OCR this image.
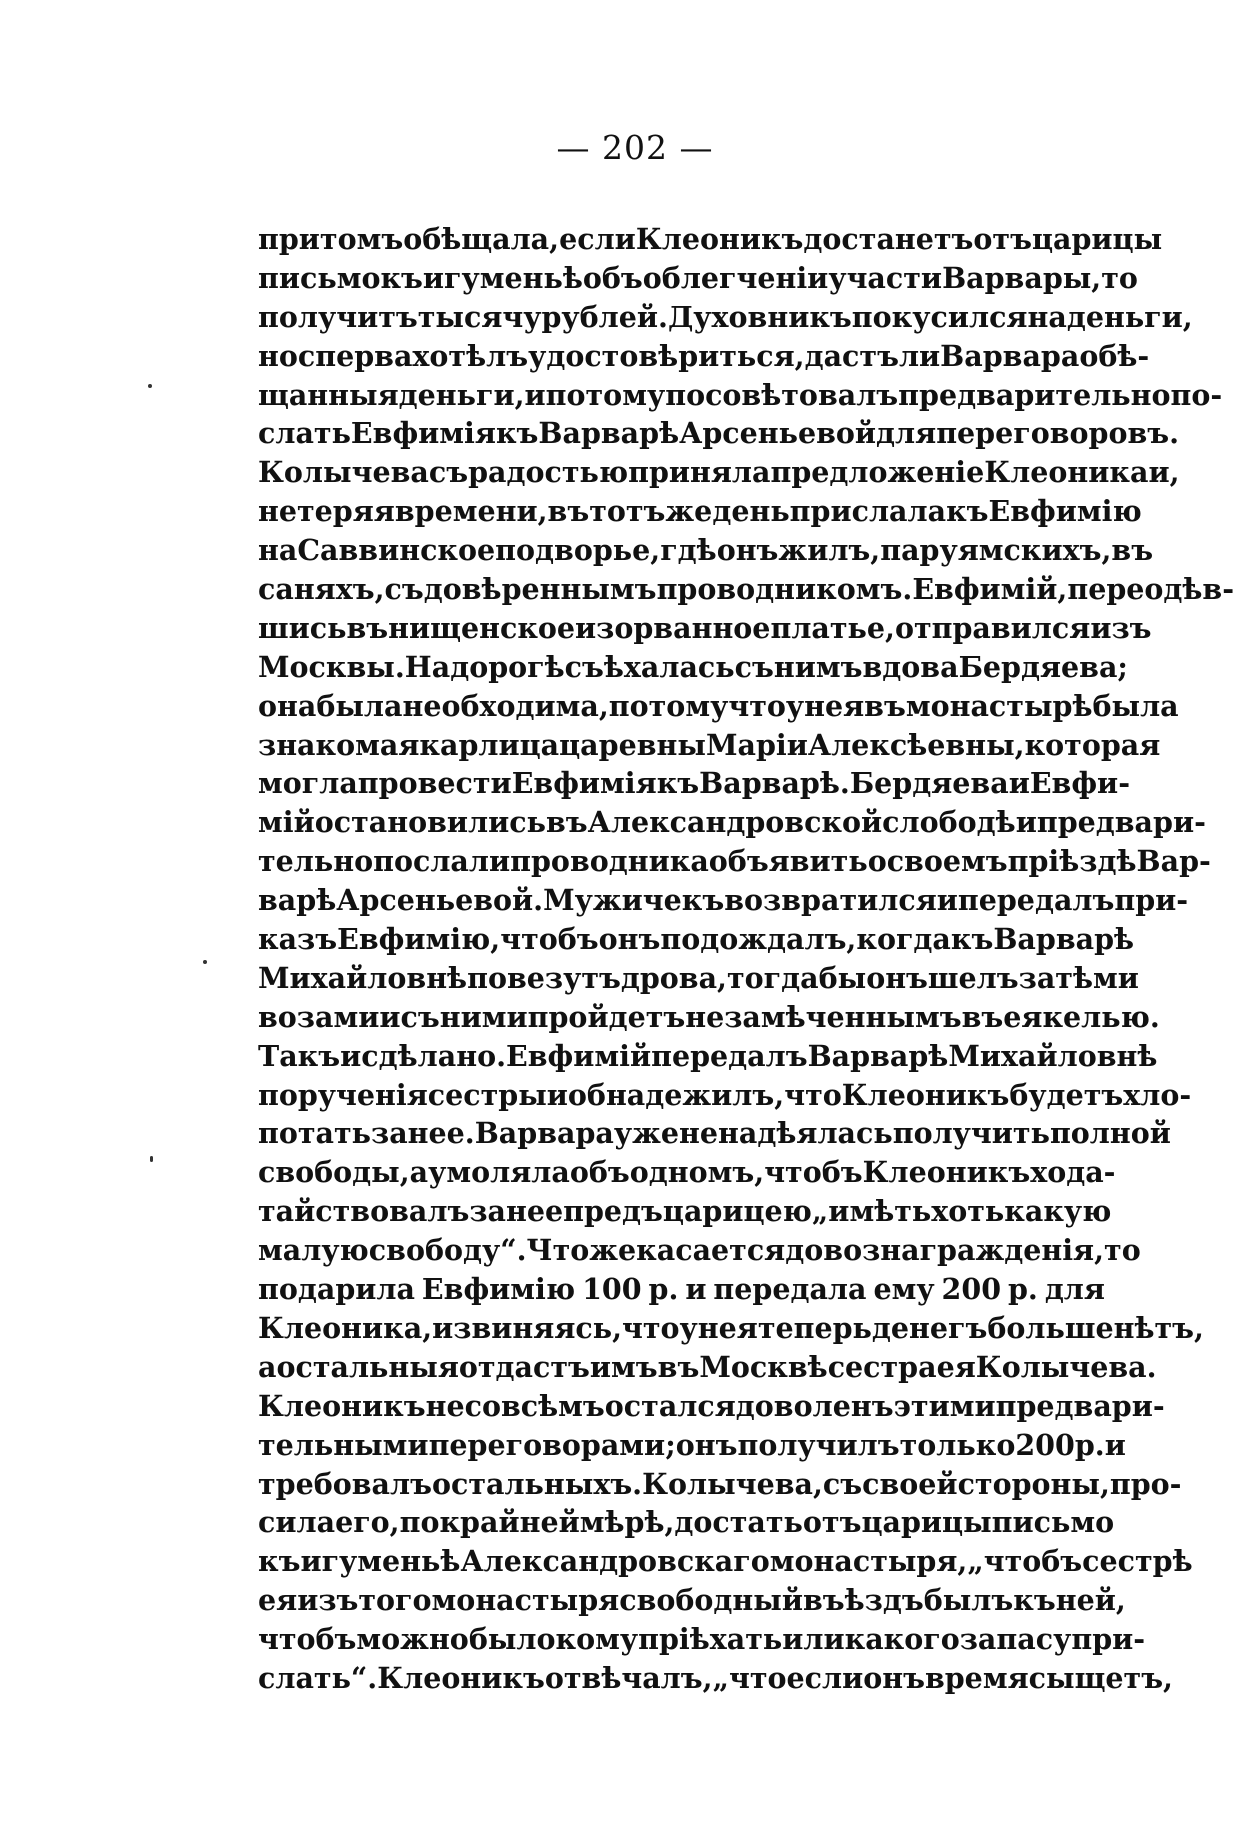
— 202 —
притомъ обѣщала, если Клеоникъ достанетъ отъ царицы
письмо къ игуменьѣ объ облегченіи участи Варвары, то
получитъ тысячу рублей. Духовникъ покусился на деньги,
но сперва хотѣлъ удостовѣриться, дастъ ли Варвара обѣ-
щанныя деньги, и потому посовѣтовалъ предварительно по-
слать Евфимія къ Варварѣ Арсеньевой для переговоровъ.
Колычева съ радостью приняла предложеніе Клеоника и,
не теряя времени, въ тотъ же день прислала къ Евфимію
на Саввинское подворье, гдѣ онъ жилъ, пару ямскихъ, въ
саняхъ, съ довѣреннымъ проводникомъ. Евфимій, переодѣв-
шись въ нищенское изорванное платье, отправился изъ
Москвы. На дорогѣ съѣхалась съ нимъ вдова Бердяева;
она была необходима, потому что у нея въ монастырѣ была
знакомая карлица царевны Маріи Алексѣевны, которая
могла провести Евфимія къ Варварѣ. Бердяева и Евфи-
мій остановились въ Александровской слободѣ и предвари-
тельно послали проводника объявить о своемъ пріѣздѣ Вар-
варѣ Арсеньевой. Мужичекъ возвратился и передалъ при-
казъ Евфимію, чтобъ онъ подождалъ, когда къ Варварѣ
Михайловнѣ повезутъ дрова, тогда бы онъ шелъ за тѣми
возами и съ ними пройдетъ незамѣченнымъ въ ея келью.
Такъ и сдѣлано. Евфимій передалъ Варварѣ Михайловнѣ
порученія сестры и обнадежилъ, что Клеоникъ будетъ хло-
потать за нее. Варвара уже не надѣялась получить полной
свободы, а умоляла объ одномъ, чтобъ Клеоникъ хода-
тайствовалъ за нее предъ царицею „имѣть хоть какую
малую свободу“. Что же касается до вознагражденія, то
подарила Евфимію 100 р. и передала ему 200 р. для
Клеоника, извиняясь, что у нея теперь денегъ больше нѣтъ,
а остальныя отдастъ имъ въ Москвѣ сестра ея Колычева.
Клеоникъ не совсѣмъ остался доволенъ этими предвари-
тельными переговорами; онъ получилъ только 200 р. и
требовалъ остальныхъ. Колычева, съ своей стороны, про-
сила его, по крайней мѣрѣ, достать отъ царицы письмо
къ игуменьѣ Александровскаго монастыря, „чтобъ сестрѣ
ея изъ того монастыря свободный въѣздъ былъ къ ней,
чтобъ можно было кому пріѣхать или какого запасу при-
слать“. Клеоникъ отвѣчалъ, „что если онъ время сыщетъ,
